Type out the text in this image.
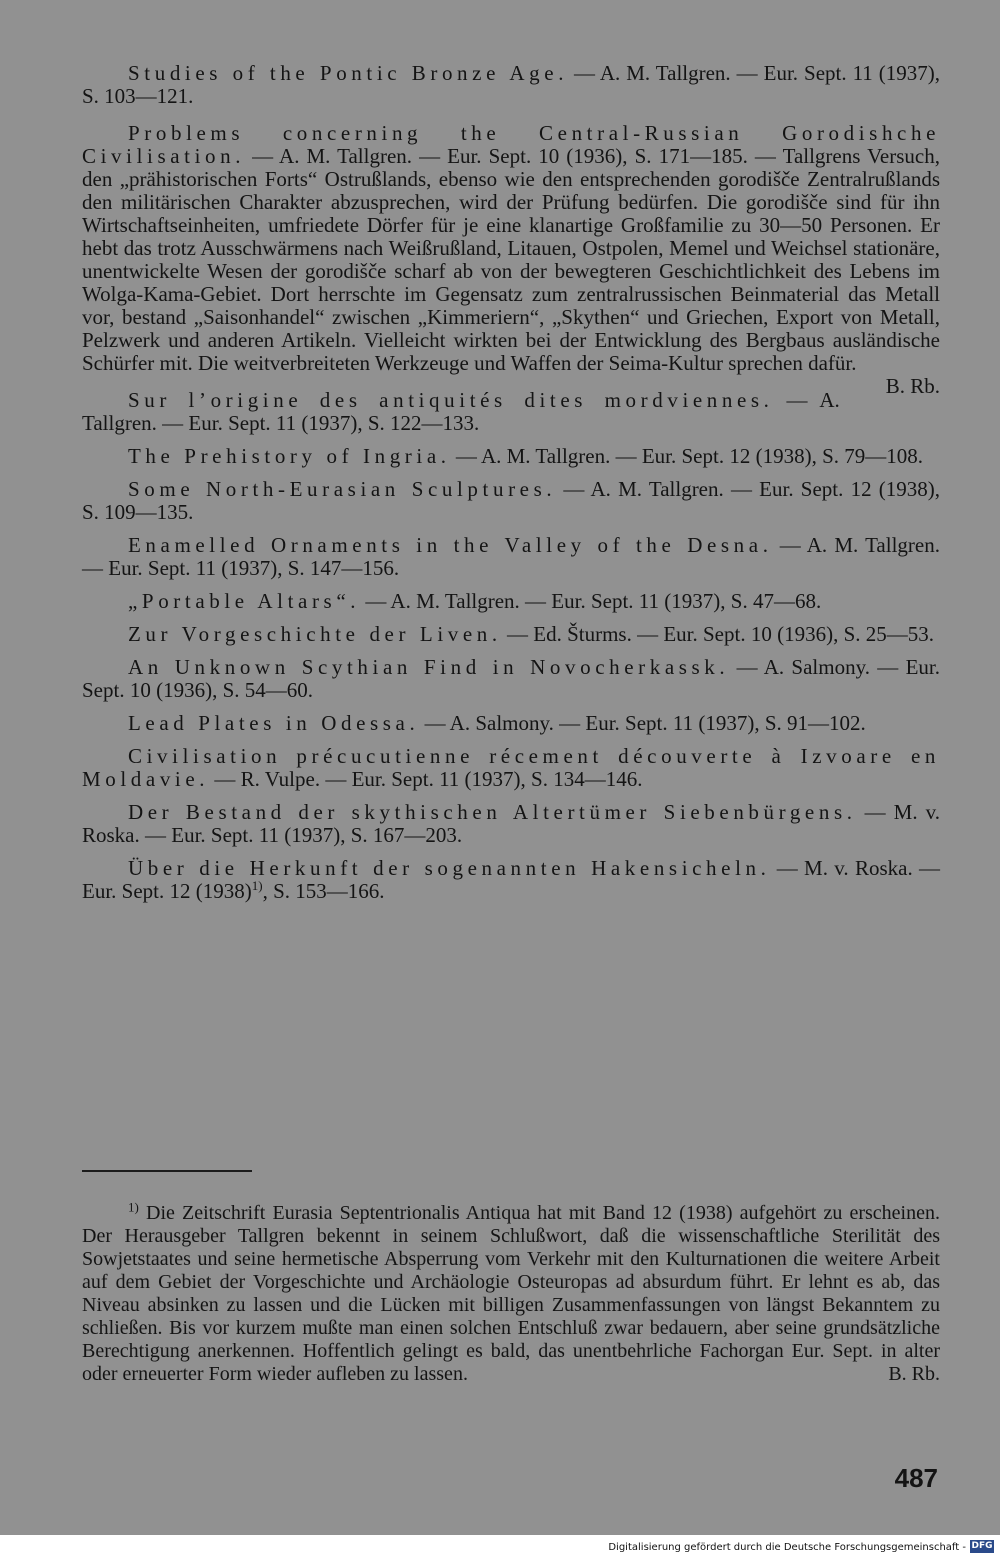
Studies of the Pontic Bronze Age. — A. M. Tallgren. — Eur. Sept. 11 (1937), S. 103—121.

Problems concerning the Central-Russian Gorodishche Civilisation. — A. M. Tallgren. — Eur. Sept. 10 (1936), S. 171—185. — Tallgrens Versuch, den „prähistorischen Forts“ Ostrußlands, ebenso wie den entsprechenden gorodišče Zentralrußlands den militärischen Charakter abzusprechen, wird der Prüfung bedürfen. Die gorodišče sind für ihn Wirtschaftseinheiten, umfriedete Dörfer für je eine klanartige Großfamilie zu 30—50 Personen. Er hebt das trotz Ausschwärmens nach Weißrußland, Litauen, Ostpolen, Memel und Weichsel stationäre, unentwickelte Wesen der gorodišče scharf ab von der bewegteren Geschichtlichkeit des Lebens im Wolga-Kama-Gebiet. Dort herrschte im Gegensatz zum zentralrussischen Beinmaterial das Metall vor, bestand „Saisonhandel“ zwischen „Kimmeriern“, „Skythen“ und Griechen, Export von Metall, Pelzwerk und anderen Artikeln. Vielleicht wirkten bei der Entwicklung des Bergbaus ausländische Schürfer mit. Die weitverbreiteten Werkzeuge und Waffen der Seima-Kultur sprechen dafür.
B. Rb.

Sur l’origine des antiquités dites mordviennes. — A. Tallgren. — Eur. Sept. 11 (1937), S. 122—133.

The Prehistory of Ingria. — A. M. Tallgren. — Eur. Sept. 12 (1938), S. 79—108.

Some North-Eurasian Sculptures. — A. M. Tallgren. — Eur. Sept. 12 (1938), S. 109—135.

Enamelled Ornaments in the Valley of the Desna. — A. M. Tallgren. — Eur. Sept. 11 (1937), S. 147—156.

„Portable Altars“. — A. M. Tallgren. — Eur. Sept. 11 (1937), S. 47—68.

Zur Vorgeschichte der Liven. — Ed. Šturms. — Eur. Sept. 10 (1936), S. 25—53.

An Unknown Scythian Find in Novocherkassk. — A. Salmony. — Eur. Sept. 10 (1936), S. 54—60.

Lead Plates in Odessa. — A. Salmony. — Eur. Sept. 11 (1937), S. 91—102.

Civilisation précucutienne récement découverte à Izvoare en Moldavie. — R. Vulpe. — Eur. Sept. 11 (1937), S. 134—146.

Der Bestand der skythischen Altertümer Siebenbürgens. — M. v. Roska. — Eur. Sept. 11 (1937), S. 167—203.

Über die Herkunft der sogenannten Hakensicheln. — M. v. Roska. — Eur. Sept. 12 $(1938)^{1)}$, S. 153—166.

$^{1)}$ Die Zeitschrift Eurasia Septentrionalis Antiqua hat mit Band 12 (1938) aufgehört zu erscheinen. Der Herausgeber Tallgren bekennt in seinem Schlußwort, daß die wissenschaftliche Sterilität des Sowjetstaates und seine hermetische Absperrung vom Verkehr mit den Kulturnationen die weitere Arbeit auf dem Gebiet der Vorgeschichte und Archäologie Osteuropas ad absurdum führt. Er lehnt es ab, das Niveau absinken zu lassen und die Lücken mit billigen Zusammenfassungen von längst Bekanntem zu schließen. Bis vor kurzem mußte man einen solchen Entschluß zwar bedauern, aber seine grundsätzliche Berechtigung anerkennen. Hoffentlich gelingt es bald, das unentbehrliche Fachorgan Eur. Sept. in alter oder erneuerter Form wieder aufleben zu lassen.	B. Rb.

487
Digitalisierung gefördert durch die Deutsche Forschungsgemeinschaft - DFG
